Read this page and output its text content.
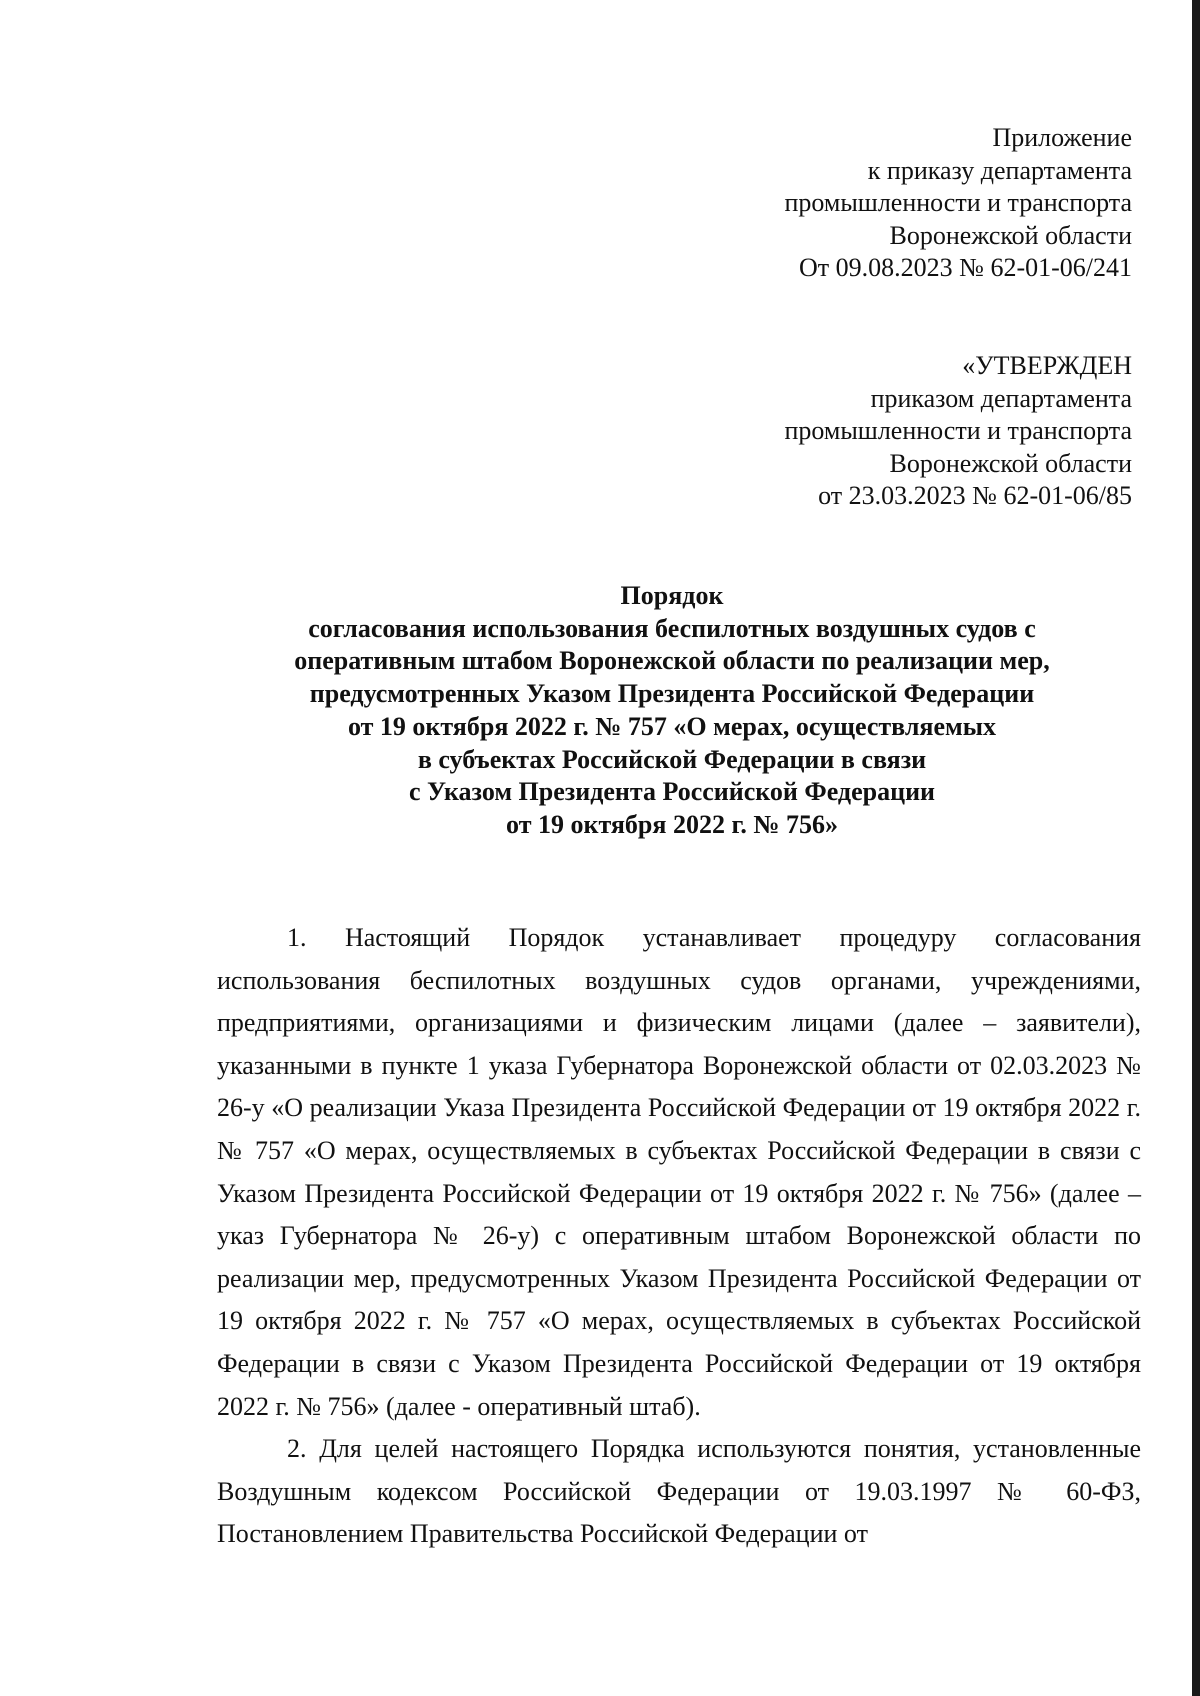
Приложение
к приказу департамента
промышленности и транспорта
Воронежской области
От 09.08.2023 № 62-01-06/241
«УТВЕРЖДЕН
приказом департамента
промышленности и транспорта
Воронежской области
от 23.03.2023 № 62-01-06/85
Порядок
согласования использования беспилотных воздушных судов с
оперативным штабом Воронежской области по реализации мер,
предусмотренных Указом Президента Российской Федерации
от 19 октября 2022 г. № 757 «О мерах, осуществляемых
в субъектах Российской Федерации в связи
с Указом Президента Российской Федерации
от 19 октября 2022 г. № 756»

1. Настоящий Порядок устанавливает процедуру согласования использования беспилотных воздушных судов органами, учреждениями, предприятиями, организациями и физическим лицами (далее – заявители), указанными в пункте 1 указа Губернатора Воронежской области от 02.03.2023 № 26-у «О реализации Указа Президента Российской Федерации от 19 октября 2022 г. № 757 «О мерах, осуществляемых в субъектах Российской Федерации в связи с Указом Президента Российской Федерации от 19 октября 2022 г. № 756» (далее – указ Губернатора № 26-у) с оперативным штабом Воронежской области по реализации мер, предусмотренных Указом Президента Российской Федерации от 19 октября 2022 г. № 757 «О мерах, осуществляемых в субъектах Российской Федерации в связи с Указом Президента Российской Федерации от 19 октября 2022 г. № 756» (далее - оперативный штаб).

2. Для целей настоящего Порядка используются понятия, установленные Воздушным кодексом Российской Федерации от 19.03.1997 № 60-ФЗ, Постановлением Правительства Российской Федерации от
